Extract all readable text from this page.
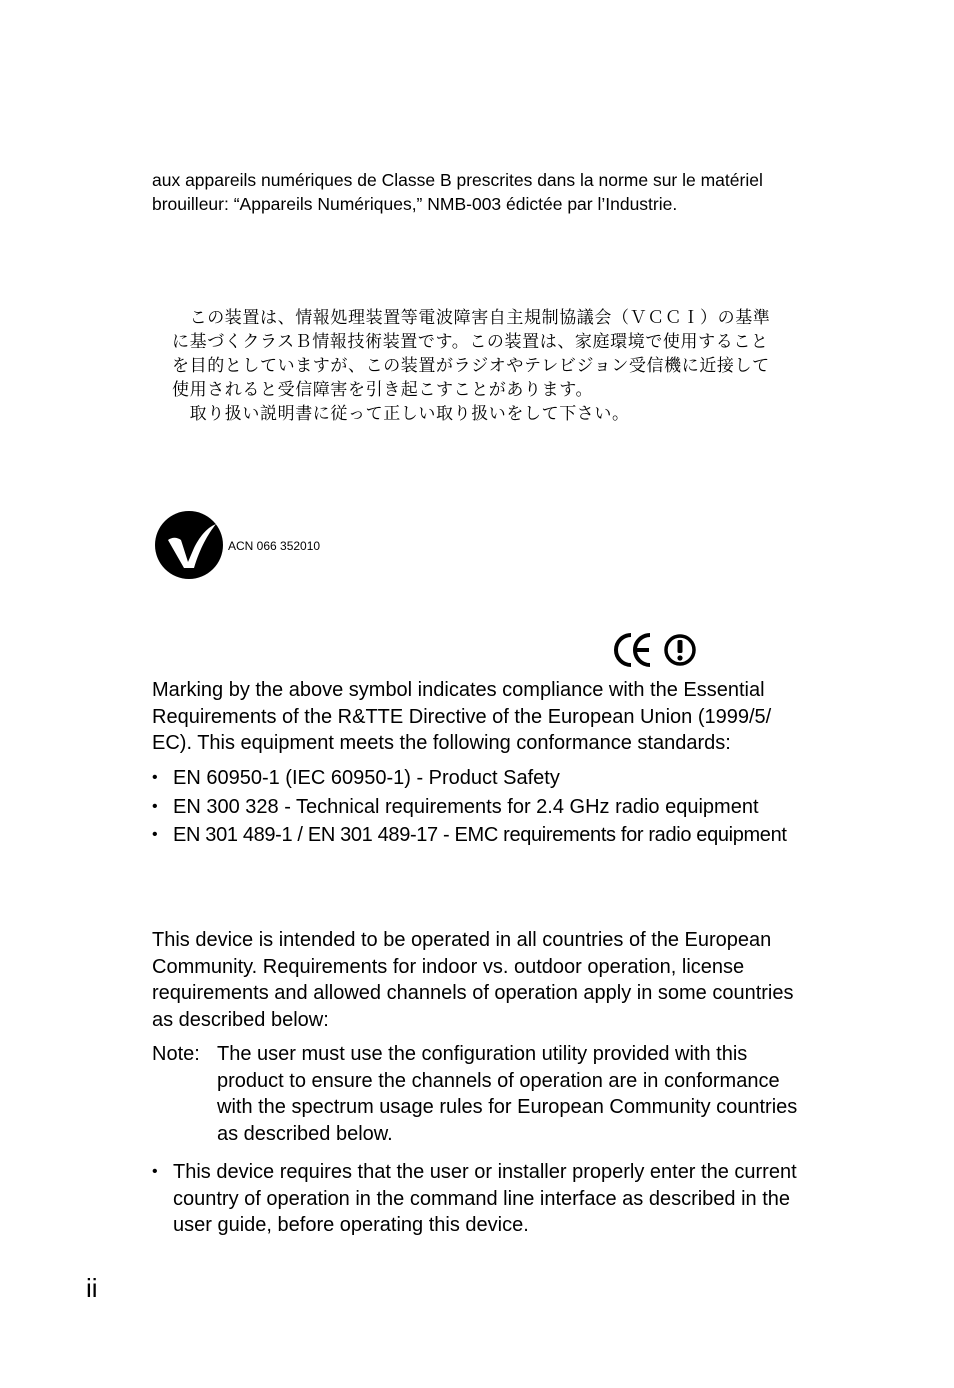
aux appareils numériques de Classe B prescrites dans la norme sur le matériel
brouilleur: “Appareils Numériques,” NMB-003 édictée par l’Industrie.

　この装置は、情報処理装置等電波障害自主規制協議会（ＶＣＣＩ）の基準
に基づくクラスＢ情報技術装置です。この装置は、家庭環境で使用すること
を目的としていますが、この装置がラジオやテレビジョン受信機に近接して
使用されると受信障害を引き起こすことがあります。
　取り扱い説明書に従って正しい取り扱いをして下さい。

ACN 066 352010

Marking by the above symbol indicates compliance with the Essential
Requirements of the R&TTE Directive of the European Union (1999/5/
EC). This equipment meets the following conformance standards:

• EN 60950-1 (IEC 60950-1) - Product Safety
• EN 300 328 - Technical requirements for 2.4 GHz radio equipment
• EN 301 489-1 / EN 301 489-17 - EMC requirements for radio equipment

This device is intended to be operated in all countries of the European
Community. Requirements for indoor vs. outdoor operation, license
requirements and allowed channels of operation apply in some countries
as described below:

Note: The user must use the configuration utility provided with this
product to ensure the channels of operation are in conformance
with the spectrum usage rules for European Community countries
as described below.
• This device requires that the user or installer properly enter the current
country of operation in the command line interface as described in the
user guide, before operating this device.

ii
